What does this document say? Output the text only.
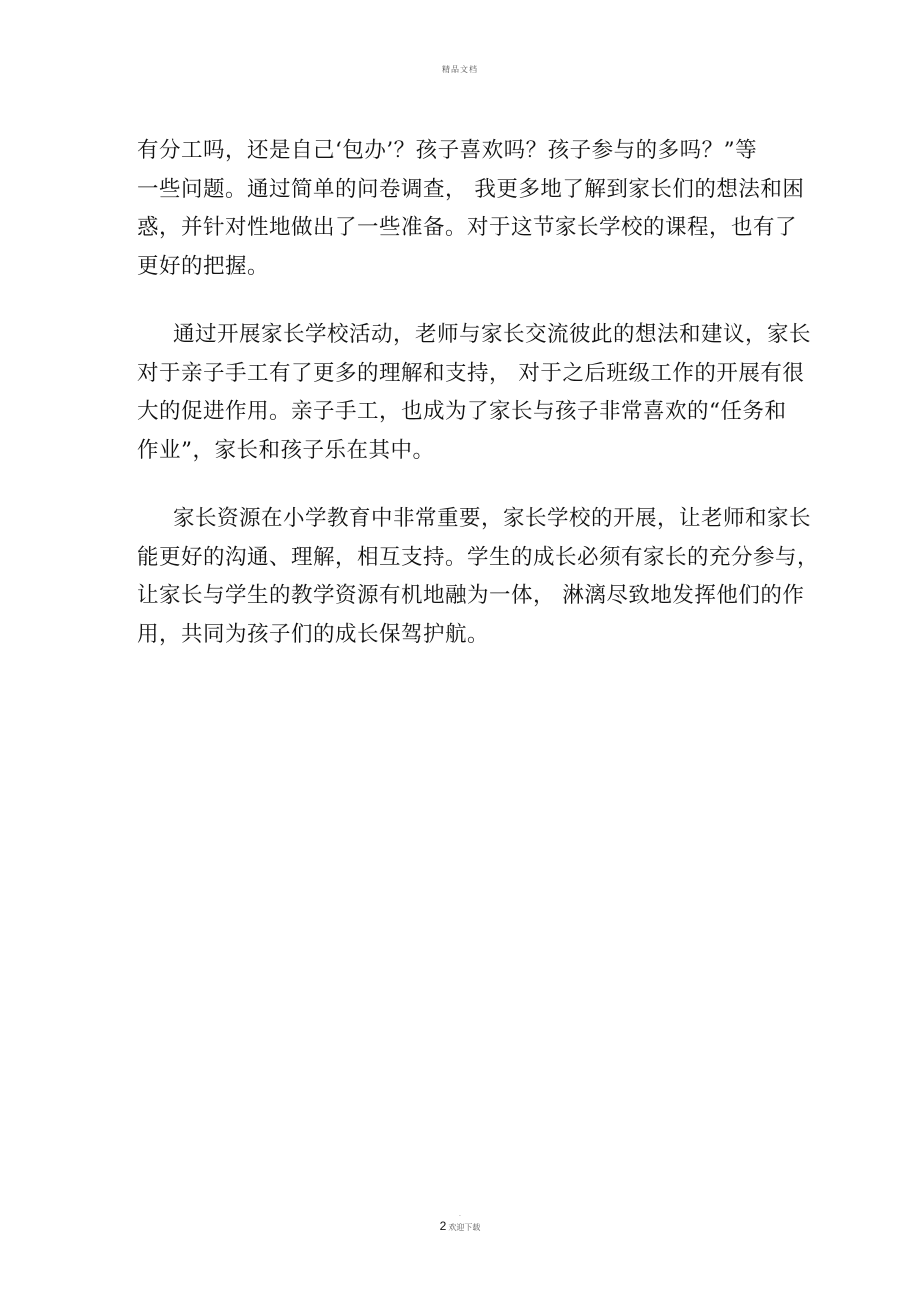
精品文档

有分工吗，还是自己‘包办’？孩子喜欢吗？孩子参与的多吗？”等
一些问题。通过简单的问卷调查， 我更多地了解到家长们的想法和困
惑，并针对性地做出了一些准备。对于这节家长学校的课程，也有了
更好的把握。

通过开展家长学校活动，老师与家长交流彼此的想法和建议，家长
对于亲子手工有了更多的理解和支持， 对于之后班级工作的开展有很
大的促进作用。亲子手工，也成为了家长与孩子非常喜欢的“任务和
作业”，家长和孩子乐在其中。

家长资源在小学教育中非常重要，家长学校的开展，让老师和家长
能更好的沟通、理解，相互支持。学生的成长必须有家长的充分参与，
让家长与学生的教学资源有机地融为一体， 淋漓尽致地发挥他们的作
用，共同为孩子们的成长保驾护航。

.
2 欢迎下载
